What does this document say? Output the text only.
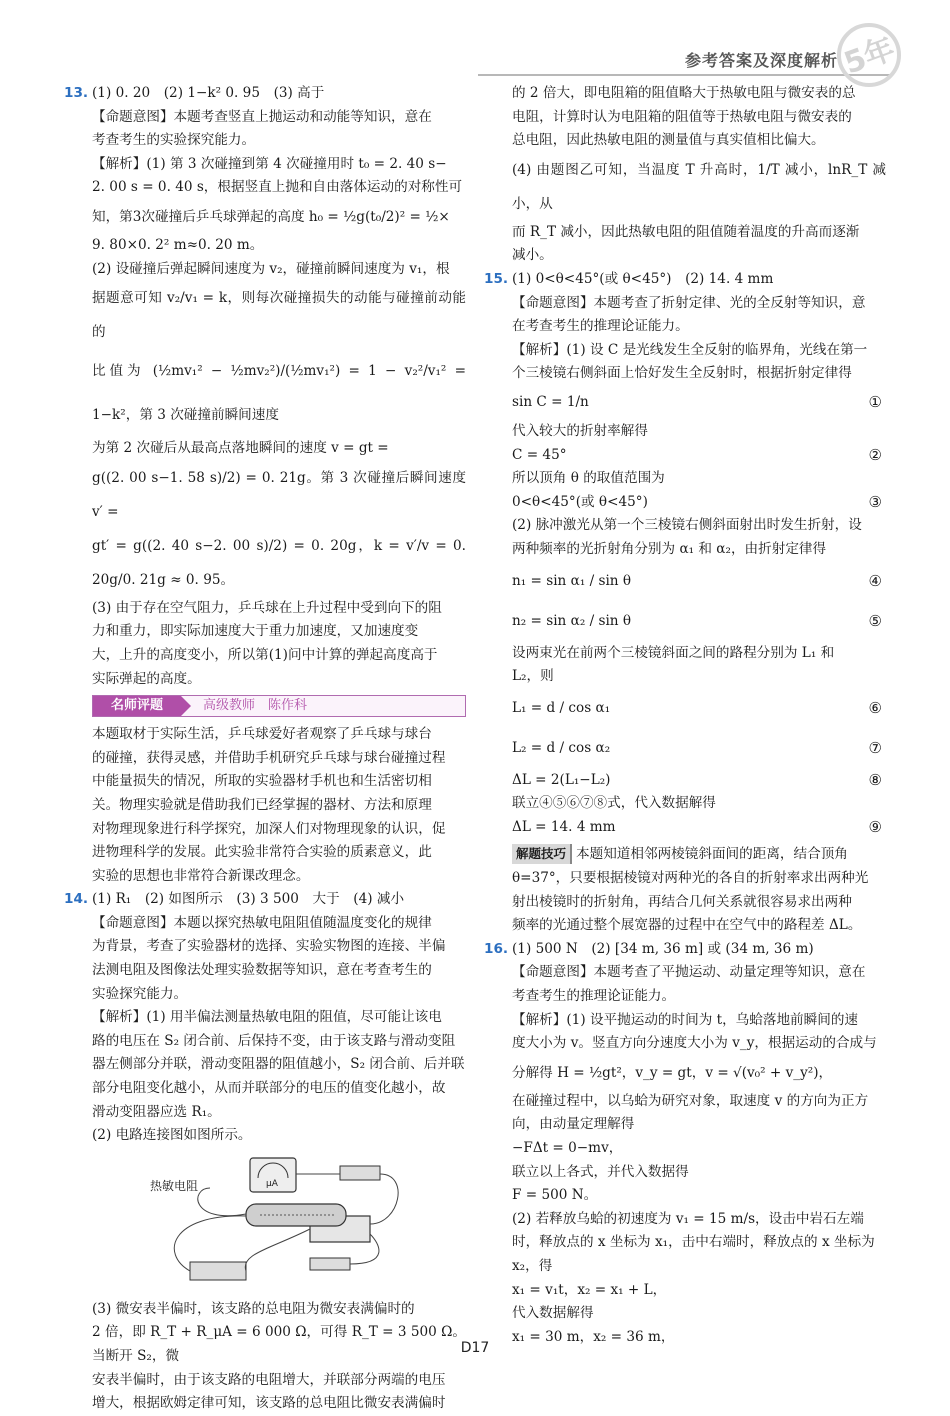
参考答案及深度解析 5年

13. (1) 0. 20　(2) 1−k² 0. 95　(3) 高于

【命题意图】本题考查竖直上抛运动和动能等知识，意在

考查考生的实验探究能力。

【解析】(1) 第 3 次碰撞到第 4 次碰撞用时 t₀ = 2. 40 s−

2. 00 s = 0. 40 s，根据竖直上抛和自由落体运动的对称性可

知，第3次碰撞后乒乓球弹起的高度 h₀ = ½g(t₀/2)² = ½×

9. 80×0. 2² m≈0. 20 m。

(2) 设碰撞后弹起瞬间速度为 v₂，碰撞前瞬间速度为 v₁，根

据题意可知 v₂/v₁ = k，则每次碰撞损失的动能与碰撞前动能的

比值为 (½mv₁² − ½mv₂²)/(½mv₁²) = 1 − v₂²/v₁² = 1−k²，第 3 次碰撞前瞬间速度

为第 2 次碰后从最高点落地瞬间的速度 v = gt =

g((2. 00 s−1. 58 s)/2) = 0. 21g。第 3 次碰撞后瞬间速度 v′ =

gt′ = g((2. 40 s−2. 00 s)/2) = 0. 20g，k = v′/v = 0. 20g/0. 21g ≈ 0. 95。

(3) 由于存在空气阻力，乒乓球在上升过程中受到向下的阻

力和重力，即实际加速度大于重力加速度，又加速度变

大，上升的高度变小，所以第(1)问中计算的弹起高度高于

实际弹起的高度。

名师评题	高级教师　陈作科

本题取材于实际生活，乒乓球爱好者观察了乒乓球与球台

的碰撞，获得灵感，并借助手机研究乒乓球与球台碰撞过程

中能量损失的情况，所取的实验器材手机也和生活密切相

关。物理实验就是借助我们已经掌握的器材、方法和原理

对物理现象进行科学探究，加深人们对物理现象的认识，促

进物理科学的发展。此实验非常符合实验的质素意义，此

实验的思想也非常符合新课改理念。

14. (1) R₁　(2) 如图所示　(3) 3 500　大于　(4) 减小

【命题意图】本题以探究热敏电阻阻值随温度变化的规律

为背景，考查了实验器材的选择、实验实物图的连接、半偏

法测电阻及图像法处理实验数据等知识，意在考查考生的

实验探究能力。

【解析】(1) 用半偏法测量热敏电阻的阻值，尽可能让该电

路的电压在 S₂ 闭合前、后保持不变，由于该支路与滑动变阻

器左侧部分并联，滑动变阻器的阻值越小，S₂ 闭合前、后并联

部分电阻变化越小，从而并联部分的电压的值变化越小，故

滑动变阻器应选 R₁。

(2) 电路连接图如图所示。

μA
热敏电阻

(3) 微安表半偏时，该支路的总电阻为微安表满偏时的

2 倍，即 R_T + R_μA = 6 000 Ω，可得 R_T = 3 500 Ω。当断开 S₂，微

安表半偏时，由于该支路的电阻增大，并联部分两端的电压

增大，根据欧姆定律可知，该支路的总电阻比微安表满偏时

的 2 倍大，即电阻箱的阻值略大于热敏电阻与微安表的总

电阻，计算时认为电阻箱的阻值等于热敏电阻与微安表的

总电阻，因此热敏电阻的测量值与真实值相比偏大。

(4) 由题图乙可知，当温度 T 升高时，1/T 减小，lnR_T 减小，从

而 R_T 减小，因此热敏电阻的阻值随着温度的升高而逐渐

减小。

15. (1) 0<θ<45°(或 θ<45°)　(2) 14. 4 mm

【命题意图】本题考查了折射定律、光的全反射等知识，意

在考查考生的推理论证能力。

【解析】(1) 设 C 是光线发生全反射的临界角，光线在第一

个三棱镜右侧斜面上恰好发生全反射时，根据折射定律得

sin C = 1/n	①

代入较大的折射率解得

C = 45°	②

所以顶角 θ 的取值范围为

0<θ<45°(或 θ<45°)	③

(2) 脉冲激光从第一个三棱镜右侧斜面射出时发生折射，设

两种频率的光折射角分别为 α₁ 和 α₂，由折射定律得

n₁ = sin α₁ / sin θ	④
n₂ = sin α₂ / sin θ	⑤

设两束光在前两个三棱镜斜面之间的路程分别为 L₁ 和

L₂，则

L₁ = d / cos α₁	⑥
L₂ = d / cos α₂	⑦
ΔL = 2(L₁−L₂)	⑧

联立④⑤⑥⑦⑧式，代入数据解得

ΔL = 14. 4 mm	⑨

解题技巧 本题知道相邻两棱镜斜面间的距离，结合顶角

θ=37°，只要根据棱镜对两种光的各自的折射率求出两种光

射出棱镜时的折射角，再结合几何关系就很容易求出两种

频率的光通过整个展宽器的过程中在空气中的路程差 ΔL。

16. (1) 500 N　(2) [34 m, 36 m] 或 (34 m, 36 m)

【命题意图】本题考查了平抛运动、动量定理等知识，意在

考查考生的推理论证能力。

【解析】(1) 设平抛运动的时间为 t，乌蛤落地前瞬间的速

度大小为 v。竖直方向分速度大小为 v_y，根据运动的合成与

分解得 H = ½gt²，v_y = gt，v = √(v₀² + v_y²)，

在碰撞过程中，以乌蛤为研究对象，取速度 v 的方向为正方

向，由动量定理解得

−FΔt = 0−mv，

联立以上各式，并代入数据得

F = 500 N。

(2) 若释放乌蛤的初速度为 v₁ = 15 m/s，设击中岩石左端

时，释放点的 x 坐标为 x₁，击中右端时，释放点的 x 坐标为

x₂，得

x₁ = v₁t，x₂ = x₁ + L，

代入数据解得

x₁ = 30 m，x₂ = 36 m，

D17
